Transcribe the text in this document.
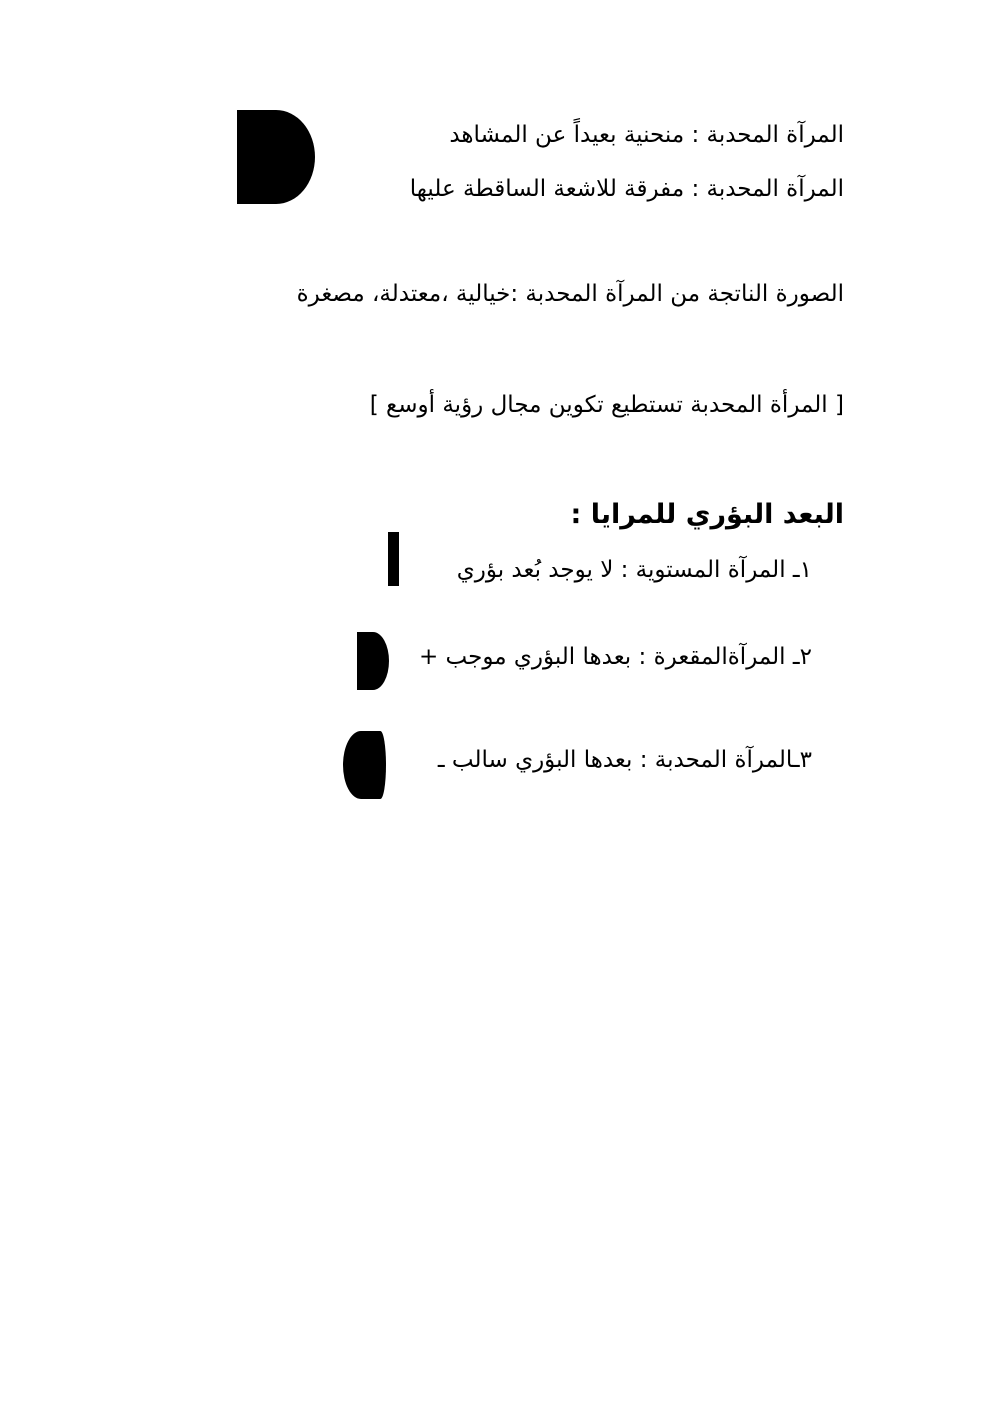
المرآة المحدبة : منحنية بعيداً عن المشاهد
المرآة المحدبة : مفرقة للاشعة الساقطة عليها
الصورة الناتجة من المرآة المحدبة :خيالية ،معتدلة، مصغرة
[ المرأة المحدبة تستطيع تكوين مجال رؤية أوسع ]
البعد البؤري للمرايا :
١ـ المرآة المستوية : لا يوجد بُعد بؤري
٢ـ المرآةالمقعرة : بعدها البؤري موجب +
٣ـالمرآة المحدبة : بعدها البؤري سالب ـ
